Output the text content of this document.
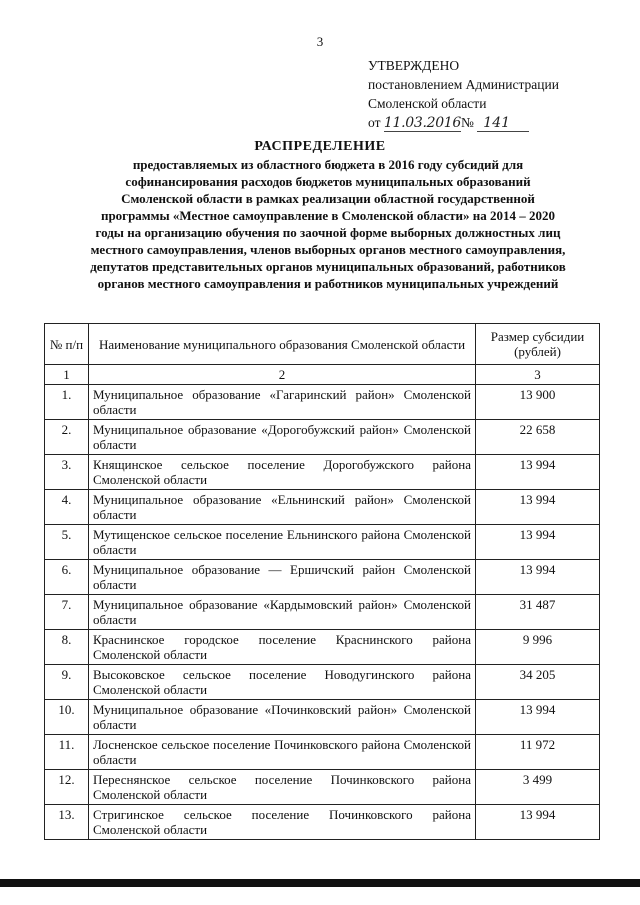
3
УТВЕРЖДЕНО
постановлением Администрации
Смоленской области
от 11.03.2016№ 141
РАСПРЕДЕЛЕНИЕ
предоставляемых из областного бюджета в 2016 году субсидий для софинансирования расходов бюджетов муниципальных образований Смоленской области в рамках реализации областной государственной программы «Местное самоуправление в Смоленской области» на 2014 – 2020 годы на организацию обучения по заочной форме выборных должностных лиц местного самоуправления, членов выборных органов местного самоуправления, депутатов представительных органов муниципальных образований, работников органов местного самоуправления и работников муниципальных учреждений
№ п/п	Наименование муниципального образования Смоленской области	Размер субсидии (рублей)
1	2	3
1.	Муниципальное образование «Гагаринский район» Смоленской области	13 900
2.	Муниципальное образование «Дорогобужский район» Смоленской области	22 658
3.	Княщинское сельское поселение Дорогобужского района Смоленской области	13 994
4.	Муниципальное образование «Ельнинский район» Смоленской области	13 994
5.	Мутищенское сельское поселение Ельнинского района Смоленской области	13 994
6.	Муниципальное образование — Ершичский район Смоленской области	13 994
7.	Муниципальное образование «Кардымовский район» Смоленской области	31 487
8.	Краснинское городское поселение Краснинского района Смоленской области	9 996
9.	Высоковское сельское поселение Новодугинского района Смоленской области	34 205
10.	Муниципальное образование «Починковский район» Смоленской области	13 994
11.	Лосненское сельское поселение Починковского района Смоленской области	11 972
12.	Переснянское сельское поселение Починковского района Смоленской области	3 499
13.	Стригинское сельское поселение Починковского района Смоленской области	13 994
